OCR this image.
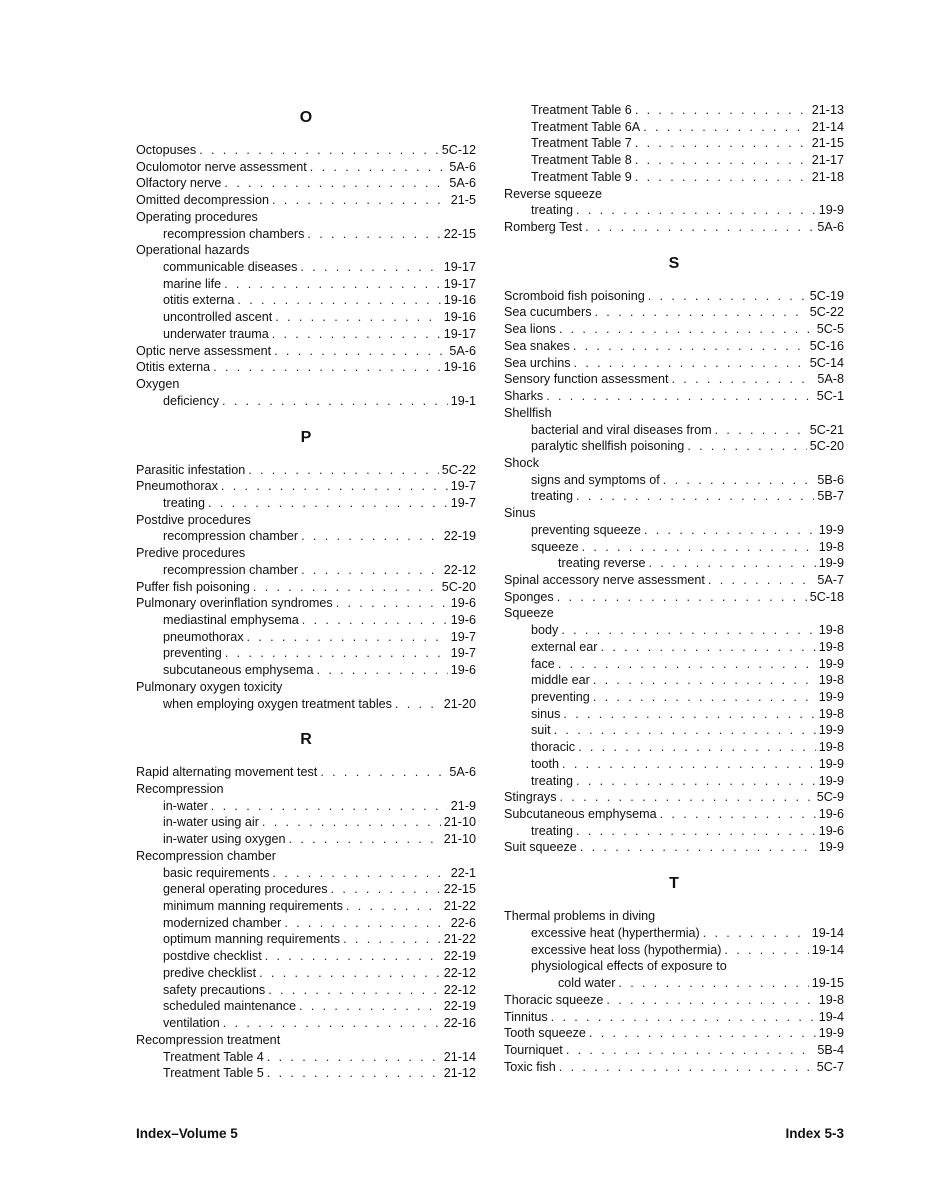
O
Octopuses . . .	5C-12
Oculomotor nerve assessment . . .	5A-6
Olfactory nerve . . .	5A-6
Omitted decompression . . .	21-5
Operating procedures
recompression chambers . . .	22-15
Operational hazards
communicable diseases . . .	19-17
marine life . . .	19-17
otitis externa . . .	19-16
uncontrolled ascent . . .	19-16
underwater trauma . . .	19-17
Optic nerve assessment . . .	5A-6
Otitis externa . . .	19-16
Oxygen
deficiency . . .	19-1
P
Parasitic infestation . . .	5C-22
Pneumothorax . . .	19-7
treating . . .	19-7
Postdive procedures
recompression chamber . . .	22-19
Predive procedures
recompression chamber . . .	22-12
Puffer fish poisoning . . .	5C-20
Pulmonary overinflation syndromes . . .	19-6
mediastinal emphysema . . .	19-6
pneumothorax . . .	19-7
preventing . . .	19-7
subcutaneous emphysema . . .	19-6
Pulmonary oxygen toxicity
when employing oxygen treatment tables . . .	21-20
R
Rapid alternating movement test . . .	5A-6
Recompression
in-water . . .	21-9
in-water using air . . .	21-10
in-water using oxygen . . .	21-10
Recompression chamber
basic requirements . . .	22-1
general operating procedures . . .	22-15
minimum manning requirements . . .	21-22
modernized chamber . . .	22-6
optimum manning requirements . . .	21-22
postdive checklist . . .	22-19
predive checklist . . .	22-12
safety precautions . . .	22-12
scheduled maintenance . . .	22-19
ventilation . . .	22-16
Recompression treatment
Treatment Table 4 . . .	21-14
Treatment Table 5 . . .	21-12
Treatment Table 6 . . .	21-13
Treatment Table 6A . . .	21-14
Treatment Table 7 . . .	21-15
Treatment Table 8 . . .	21-17
Treatment Table 9 . . .	21-18
Reverse squeeze
treating . . .	19-9
Romberg Test . . .	5A-6
S
Scromboid fish poisoning . . .	5C-19
Sea cucumbers . . .	5C-22
Sea lions . . .	5C-5
Sea snakes . . .	5C-16
Sea urchins . . .	5C-14
Sensory function assessment . . .	5A-8
Sharks . . .	5C-1
Shellfish
bacterial and viral diseases from . . .	5C-21
paralytic shellfish poisoning . . .	5C-20
Shock
signs and symptoms of . . .	5B-6
treating . . .	5B-7
Sinus
preventing squeeze . . .	19-9
squeeze . . .	19-8
treating reverse . . .	19-9
Spinal accessory nerve assessment . . .	5A-7
Sponges . . .	5C-18
Squeeze
body . . .	19-8
external ear . . .	19-8
face . . .	19-9
middle ear . . .	19-8
preventing . . .	19-9
sinus . . .	19-8
suit . . .	19-9
thoracic . . .	19-8
tooth . . .	19-9
treating . . .	19-9
Stingrays . . .	5C-9
Subcutaneous emphysema . . .	19-6
treating . . .	19-6
Suit squeeze . . .	19-9
T
Thermal problems in diving
excessive heat (hyperthermia) . . .	19-14
excessive heat loss (hypothermia) . . .	19-14
physiological effects of exposure to
cold water . . .	19-15
Thoracic squeeze . . .	19-8
Tinnitus . . .	19-4
Tooth squeeze . . .	19-9
Tourniquet . . .	5B-4
Toxic fish . . .	5C-7
Index–Volume 5	Index 5-3
